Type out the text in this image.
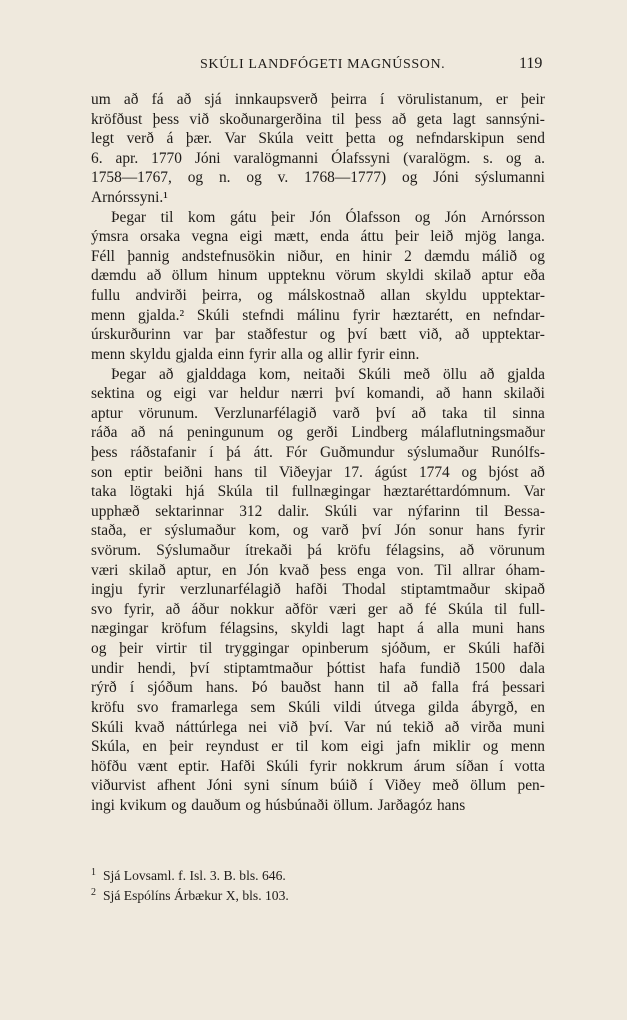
SKÚLI LANDFÓGETI MAGNÚSSON.	119
um að fá að sjá innkaupsverð þeirra í vörulistanum, er þeir
kröfðust þess við skoðunargerðina til þess að geta lagt sannsýni-
legt verð á þær. Var Skúla veitt þetta og nefndarskipun send
6. apr. 1770 Jóni varalögmanni Ólafssyni (varalögm. s. og a.
1758—1767, og n. og v. 1768—1777) og Jóni sýslumanni
Arnórssyni.¹
Þegar til kom gátu þeir Jón Ólafsson og Jón Arnórsson
ýmsra orsaka vegna eigi mætt, enda áttu þeir leið mjög langa.
Féll þannig andstefnusökin niður, en hinir 2 dæmdu málið og
dæmdu að öllum hinum uppteknu vörum skyldi skilað aptur eða
fullu andvirði þeirra, og málskostnað allan skyldu upptektar-
menn gjalda.² Skúli stefndi málinu fyrir hæztarétt, en nefndar-
úrskurðurinn var þar staðfestur og því bætt við, að upptektar-
menn skyldu gjalda einn fyrir alla og allir fyrir einn.
Þegar að gjalddaga kom, neitaði Skúli með öllu að gjalda
sektina og eigi var heldur nærri því komandi, að hann skilaði
aptur vörunum. Verzlunarfélagið varð því að taka til sinna
ráða að ná peningunum og gerði Lindberg málaflutningsmaður
þess ráðstafanir í þá átt. Fór Guðmundur sýslumaður Runólfs-
son eptir beiðni hans til Viðeyjar 17. ágúst 1774 og bjóst að
taka lögtaki hjá Skúla til fullnægingar hæztaréttardómnum. Var
upphæð sektarinnar 312 dalir. Skúli var nýfarinn til Bessa-
staða, er sýslumaður kom, og varð því Jón sonur hans fyrir
svörum. Sýslumaður ítrekaði þá kröfu félagsins, að vörunum
væri skilað aptur, en Jón kvað þess enga von. Til allrar óham-
ingju fyrir verzlunarfélagið hafði Thodal stiptamtmaður skipað
svo fyrir, að áður nokkur aðför væri ger að fé Skúla til full-
nægingar kröfum félagsins, skyldi lagt hapt á alla muni hans
og þeir virtir til tryggingar opinberum sjóðum, er Skúli hafði
undir hendi, því stiptamtmaður þóttist hafa fundið 1500 dala
rýrð í sjóðum hans. Þó bauðst hann til að falla frá þessari
kröfu svo framarlega sem Skúli vildi útvega gilda ábyrgð, en
Skúli kvað náttúrlega nei við því. Var nú tekið að virða muni
Skúla, en þeir reyndust er til kom eigi jafn miklir og menn
höfðu vænt eptir. Hafði Skúli fyrir nokkrum árum síðan í votta
viðurvist afhent Jóni syni sínum búið í Viðey með öllum pen-
ingi kvikum og dauðum og húsbúnaði öllum. Jarðagóz hans
1 Sjá Lovsaml. f. Isl. 3. B. bls. 646.
2 Sjá Espólíns Árbækur X, bls. 103.
